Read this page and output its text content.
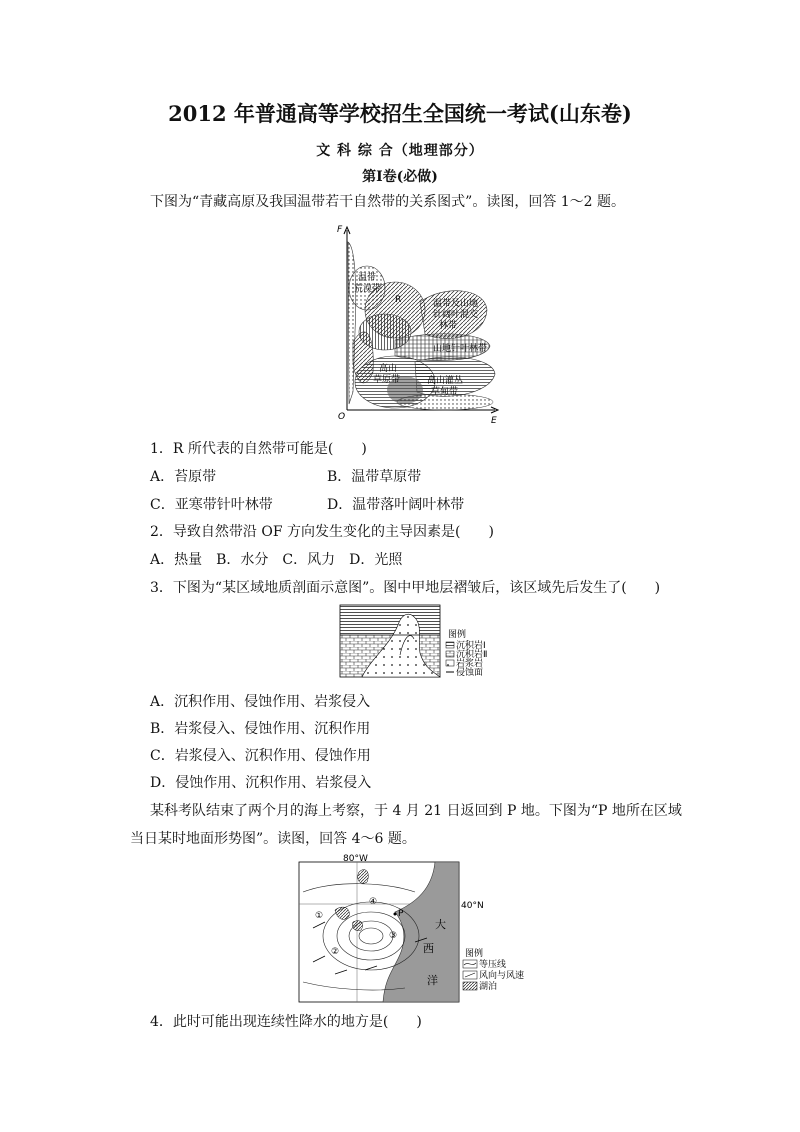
2012 年普通高等学校招生全国统一考试(山东卷)
文 科 综 合（地理部分）
第Ⅰ卷(必做)
下图为“青藏高原及我国温带若干自然带的关系图式”。读图，回答 1～2 题。
F
E
O
温带
荒漠带
R	温带及山地
针阔叶混交
林带
山地针叶林带
高山
草原带	高山灌丛
草甸带
1．R 所代表的自然带可能是(　　)
A．苔原带	B．温带草原带
C．亚寒带针叶林带	D．温带落叶阔叶林带
2．导致自然带沿 OF 方向发生变化的主导因素是(　　)
A．热量　B．水分　C．风力　D．光照
3．下图为“某区域地质剖面示意图”。图中甲地层褶皱后，该区域先后发生了(　　)
图例
沉积岩Ⅰ
沉积岩Ⅱ
岩浆岩
侵蚀面
A．沉积作用、侵蚀作用、岩浆侵入
B．岩浆侵入、侵蚀作用、沉积作用
C．岩浆侵入、沉积作用、侵蚀作用
D．侵蚀作用、沉积作用、岩浆侵入
某科考队结束了两个月的海上考察，于 4 月 21 日返回到 P 地。下图为“P 地所在区域
当日某时地面形势图”。读图，回答 4～6 题。
80°W
40°N
①
②
③
④
P
大
西
洋
图例
等压线
风向与风速
湖泊
4．此时可能出现连续性降水的地方是(　　)
